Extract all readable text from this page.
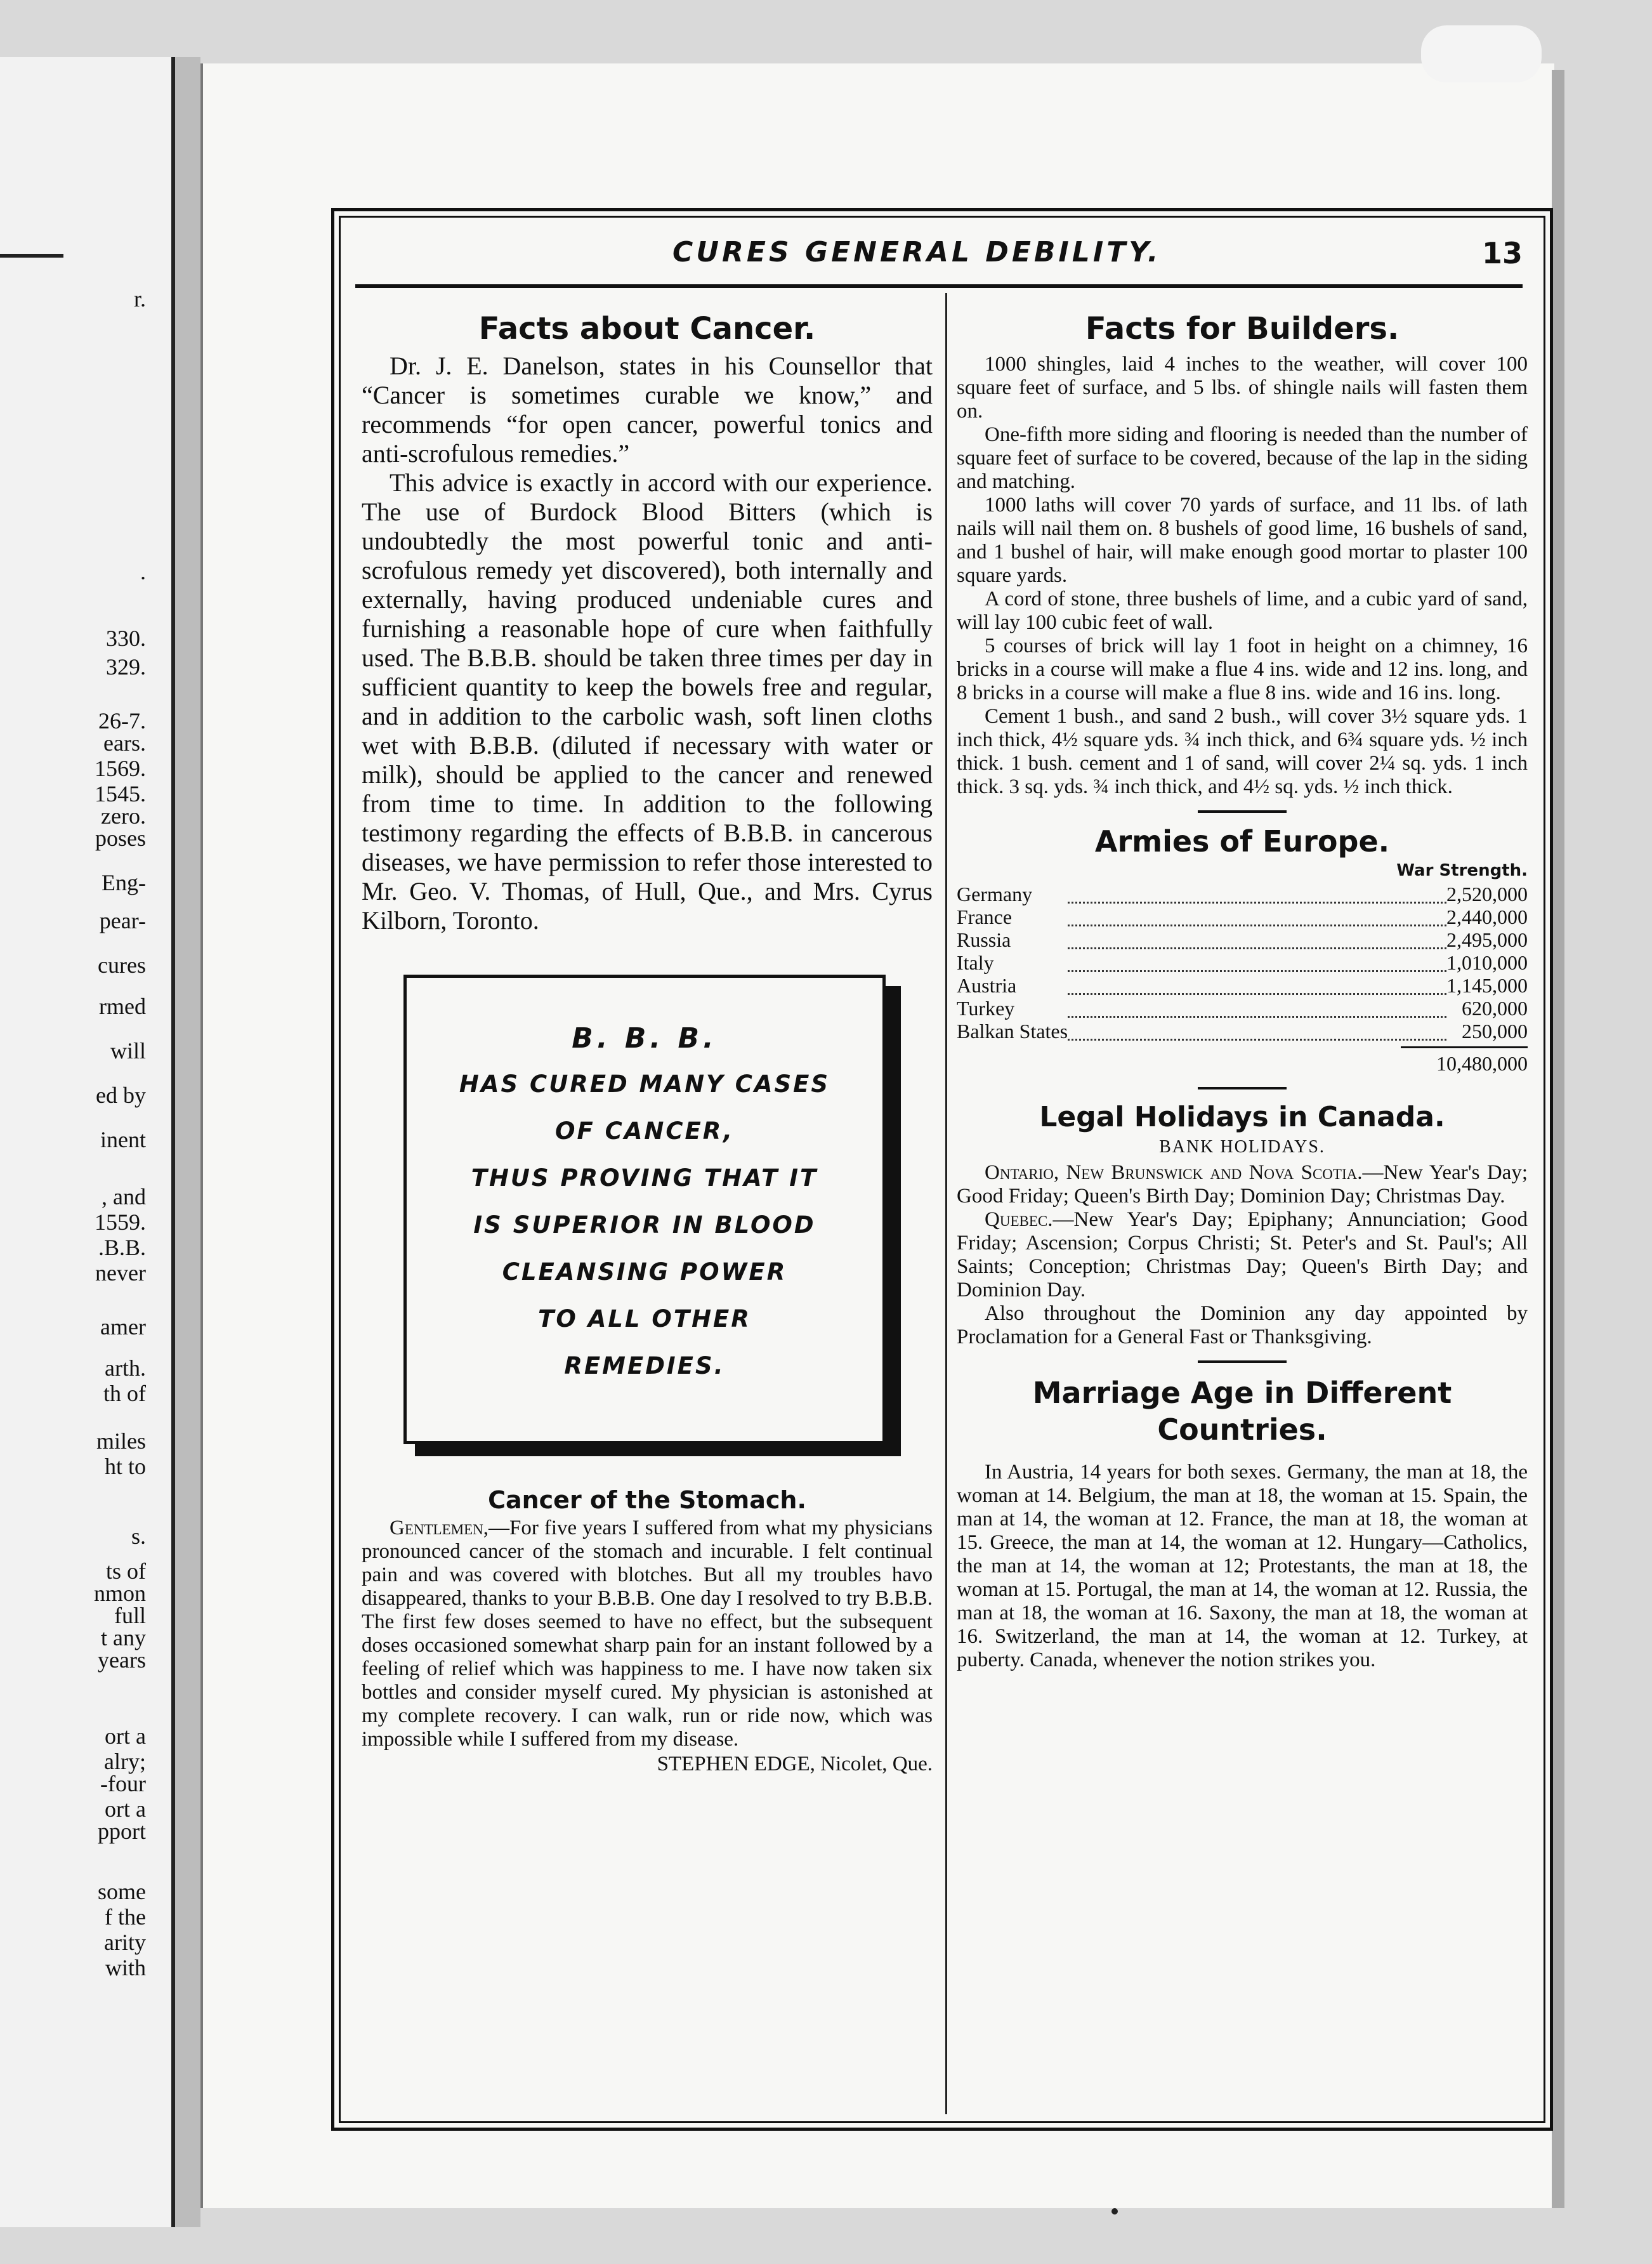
r.
.
330.
329.
26-7.
ears.
1569.
1545.
zero.
poses
Eng-
pear-
cures
rmed
will
ed by
inent
, and
1559.
.B.B.
never
amer
arth.
th of
miles
ht to
s.
ts of
nmon
full
t any
years
ort a
alry;
-four
ort a
pport
some
f the
arity
with
CURES GENERAL DEBILITY.	13
Facts about Cancer.

Dr. J. E. Danelson, states in his Counsellor that “Cancer is sometimes curable we know,” and recommends “for open cancer, powerful tonics and anti-scrofulous remedies.”

This advice is exactly in accord with our experience. The use of Burdock Blood Bitters (which is undoubtedly the most powerful tonic and anti-scrofulous remedy yet discovered), both internally and externally, having produced undeniable cures and furnishing a reasonable hope of cure when faithfully used. The B.B.B. should be taken three times per day in sufficient quantity to keep the bowels free and regular, and in addition to the carbolic wash, soft linen cloths wet with B.B.B. (diluted if necessary with water or milk), should be applied to the cancer and renewed from time to time. In addition to the following testimony regarding the effects of B.B.B. in cancerous diseases, we have permission to refer those interested to Mr. Geo. V. Thomas, of Hull, Que., and Mrs. Cyrus Kilborn, Toronto.

B. B. B.
HAS CURED MANY CASES
OF CANCER,
THUS PROVING THAT IT
IS SUPERIOR IN BLOOD
CLEANSING POWER
TO ALL OTHER
REMEDIES.
Cancer of the Stomach.

Gentlemen,—For five years I suffered from what my physicians pronounced cancer of the stomach and incurable. I felt continual pain and was covered with blotches. But all my troubles havo disappeared, thanks to your B.B.B. One day I resolved to try B.B.B. The first few doses seemed to have no effect, but the subsequent doses occasioned somewhat sharp pain for an instant followed by a feeling of relief which was happiness to me. I have now taken six bottles and consider myself cured. My physician is astonished at my complete recovery. I can walk, run or ride now, which was impossible while I suffered from my disease.

STEPHEN EDGE, Nicolet, Que.
Facts for Builders.

1000 shingles, laid 4 inches to the weather, will cover 100 square feet of surface, and 5 lbs. of shingle nails will fasten them on.

One-fifth more siding and flooring is needed than the number of square feet of surface to be covered, because of the lap in the siding and matching.

1000 laths will cover 70 yards of surface, and 11 lbs. of lath nails will nail them on. 8 bushels of good lime, 16 bushels of sand, and 1 bushel of hair, will make enough good mortar to plaster 100 square yards.

A cord of stone, three bushels of lime, and a cubic yard of sand, will lay 100 cubic feet of wall.

5 courses of brick will lay 1 foot in height on a chimney, 16 bricks in a course will make a flue 4 ins. wide and 12 ins. long, and 8 bricks in a course will make a flue 8 ins. wide and 16 ins. long.

Cement 1 bush., and sand 2 bush., will cover 3½ square yds. 1 inch thick, 4½ square yds. ¾ inch thick, and 6¾ square yds. ½ inch thick. 1 bush. cement and 1 of sand, will cover 2¼ sq. yds. 1 inch thick. 3 sq. yds. ¾ inch thick, and 4½ sq. yds. ½ inch thick.

Armies of Europe.
War Strength.
Germany		2,520,000
France		2,440,000
Russia		2,495,000
Italy		1,010,000
Austria		1,145,000
Turkey		620,000
Balkan States		250,000
10,480,000
Legal Holidays in Canada.
BANK HOLIDAYS.

Ontario, New Brunswick and Nova Scotia.—New Year's Day; Good Friday; Queen's Birth Day; Dominion Day; Christmas Day.

Quebec.—New Year's Day; Epiphany; Annunciation; Good Friday; Ascension; Corpus Christi; St. Peter's and St. Paul's; All Saints; Conception; Christmas Day; Queen's Birth Day; and Dominion Day.

Also throughout the Dominion any day appointed by Proclamation for a General Fast or Thanksgiving.

Marriage Age in Different Countries.

In Austria, 14 years for both sexes. Germany, the man at 18, the woman at 14. Belgium, the man at 18, the woman at 15. Spain, the man at 14, the woman at 12. France, the man at 18, the woman at 15. Greece, the man at 14, the woman at 12. Hungary—Catholics, the man at 14, the woman at 12; Protestants, the man at 18, the woman at 15. Portugal, the man at 14, the woman at 12. Russia, the man at 18, the woman at 16. Saxony, the man at 18, the woman at 16. Switzerland, the man at 14, the woman at 12. Turkey, at puberty. Canada, whenever the notion strikes you.
